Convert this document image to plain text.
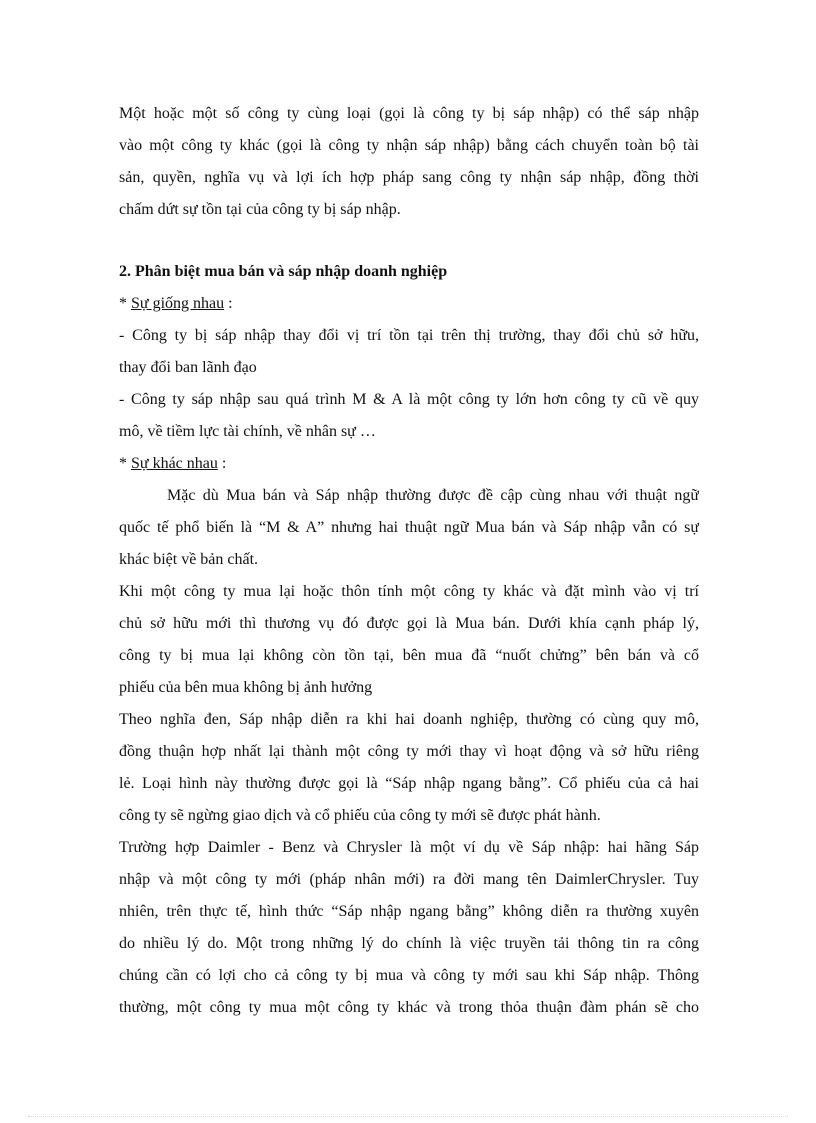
Một hoặc một số công ty cùng loại (gọi là công ty bị sáp nhập) có thể sáp nhập
vào một công ty khác (gọi là công ty nhận sáp nhập) bằng cách chuyển toàn bộ tài
sản, quyền, nghĩa vụ và lợi ích hợp pháp sang công ty nhận sáp nhập, đồng thời
chấm dứt sự tồn tại của công ty bị sáp nhập.
2. Phân biệt mua bán và sáp nhập doanh nghiệp
* Sự giống nhau :
- Công ty bị sáp nhập thay đổi vị trí tồn tại trên thị trường, thay đổi chủ sở hữu,
thay đổi ban lãnh đạo
- Công ty sáp nhập sau quá trình M & A là một công ty lớn hơn công ty cũ về quy
mô, về tiềm lực tài chính, về nhân sự …
* Sự khác nhau :
Mặc dù Mua bán và Sáp nhập thường được đề cập cùng nhau với thuật ngữ
quốc tế phổ biến là “M & A” nhưng hai thuật ngữ Mua bán và Sáp nhập vẫn có sự
khác biệt về bản chất.
Khi một công ty mua lại hoặc thôn tính một công ty khác và đặt mình vào vị trí
chủ sở hữu mới thì thương vụ đó được gọi là Mua bán. Dưới khía cạnh pháp lý,
công ty bị mua lại không còn tồn tại, bên mua đã “nuốt chửng” bên bán và cổ
phiếu của bên mua không bị ảnh hưởng
Theo nghĩa đen, Sáp nhập diễn ra khi hai doanh nghiệp, thường có cùng quy mô,
đồng thuận hợp nhất lại thành một công ty mới thay vì hoạt động và sở hữu riêng
lẻ. Loại hình này thường được gọi là “Sáp nhập ngang bằng”. Cổ phiếu của cả hai
công ty sẽ ngừng giao dịch và cổ phiếu của công ty mới sẽ được phát hành.
Trường hợp Daimler - Benz và Chrysler là một ví dụ về Sáp nhập: hai hãng Sáp
nhập và một công ty mới (pháp nhân mới) ra đời mang tên DaimlerChrysler. Tuy
nhiên, trên thực tế, hình thức “Sáp nhập ngang bằng” không diễn ra thường xuyên
do nhiều lý do. Một trong những lý do chính là việc truyền tải thông tin ra công
chúng cần có lợi cho cả công ty bị mua và công ty mới sau khi Sáp nhập. Thông
thường, một công ty mua một công ty khác và trong thỏa thuận đàm phán sẽ cho
